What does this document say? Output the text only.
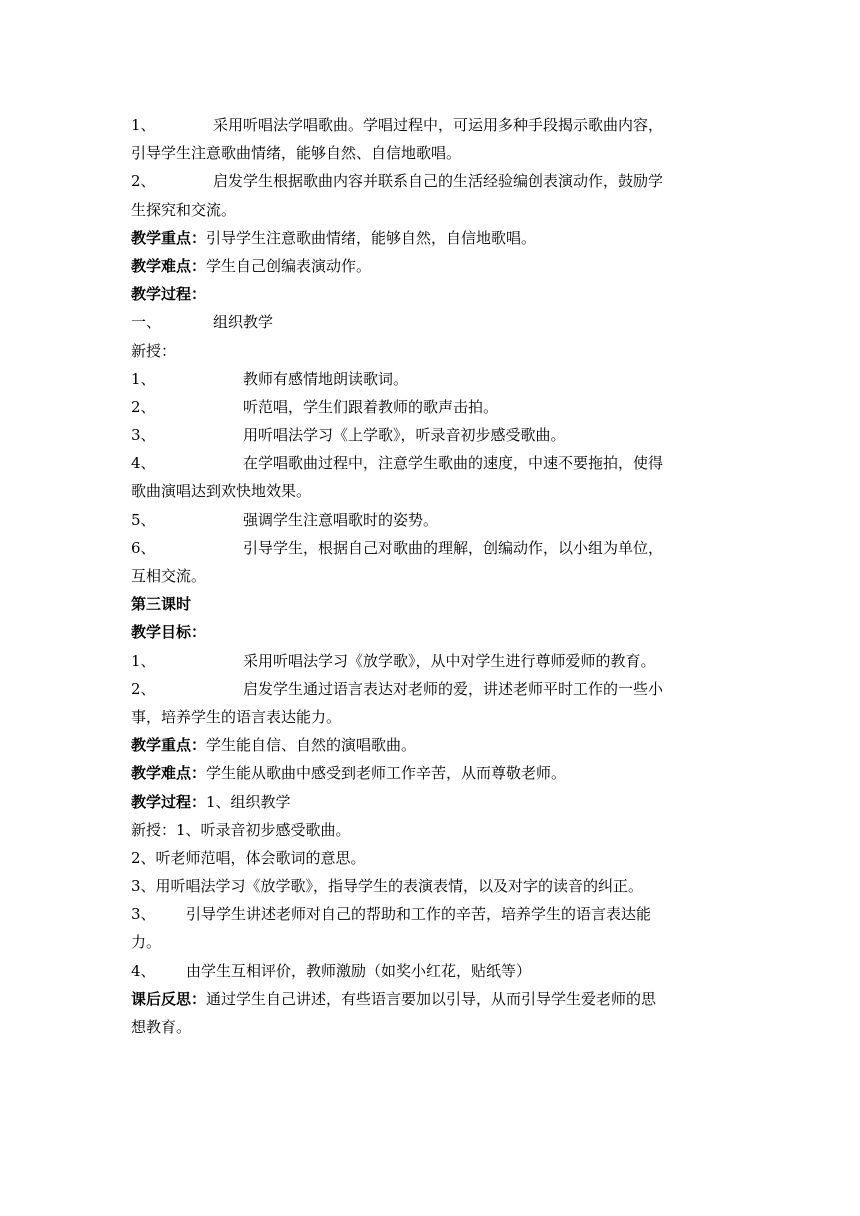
1、	采用听唱法学唱歌曲。学唱过程中，可运用多种手段揭示歌曲内容，
引导学生注意歌曲情绪，能够自然、自信地歌唱。
2、	启发学生根据歌曲内容并联系自己的生活经验编创表演动作，鼓励学
生探究和交流。
教学重点：引导学生注意歌曲情绪，能够自然，自信地歌唱。
教学难点：学生自己创编表演动作。
教学过程：
一、	组织教学
新授：
1、	教师有感情地朗读歌词。
2、	听范唱，学生们跟着教师的歌声击拍。
3、	用听唱法学习《上学歌》，听录音初步感受歌曲。
4、	在学唱歌曲过程中，注意学生歌曲的速度，中速不要拖拍，使得
歌曲演唱达到欢快地效果。
5、	强调学生注意唱歌时的姿势。
6、	引导学生，根据自己对歌曲的理解，创编动作，以小组为单位，
互相交流。
第三课时
教学目标：
1、	采用听唱法学习《放学歌》，从中对学生进行尊师爱师的教育。
2、	启发学生通过语言表达对老师的爱，讲述老师平时工作的一些小
事，培养学生的语言表达能力。
教学重点：学生能自信、自然的演唱歌曲。
教学难点：学生能从歌曲中感受到老师工作辛苦，从而尊敬老师。
教学过程：1、组织教学
新授：1、听录音初步感受歌曲。
2、听老师范唱，体会歌词的意思。
3、用听唱法学习《放学歌》，指导学生的表演表情，以及对字的读音的纠正。
3、 引导学生讲述老师对自己的帮助和工作的辛苦，培养学生的语言表达能
力。
4、 由学生互相评价，教师激励（如奖小红花，贴纸等）
课后反思：通过学生自己讲述，有些语言要加以引导，从而引导学生爱老师的思
想教育。
